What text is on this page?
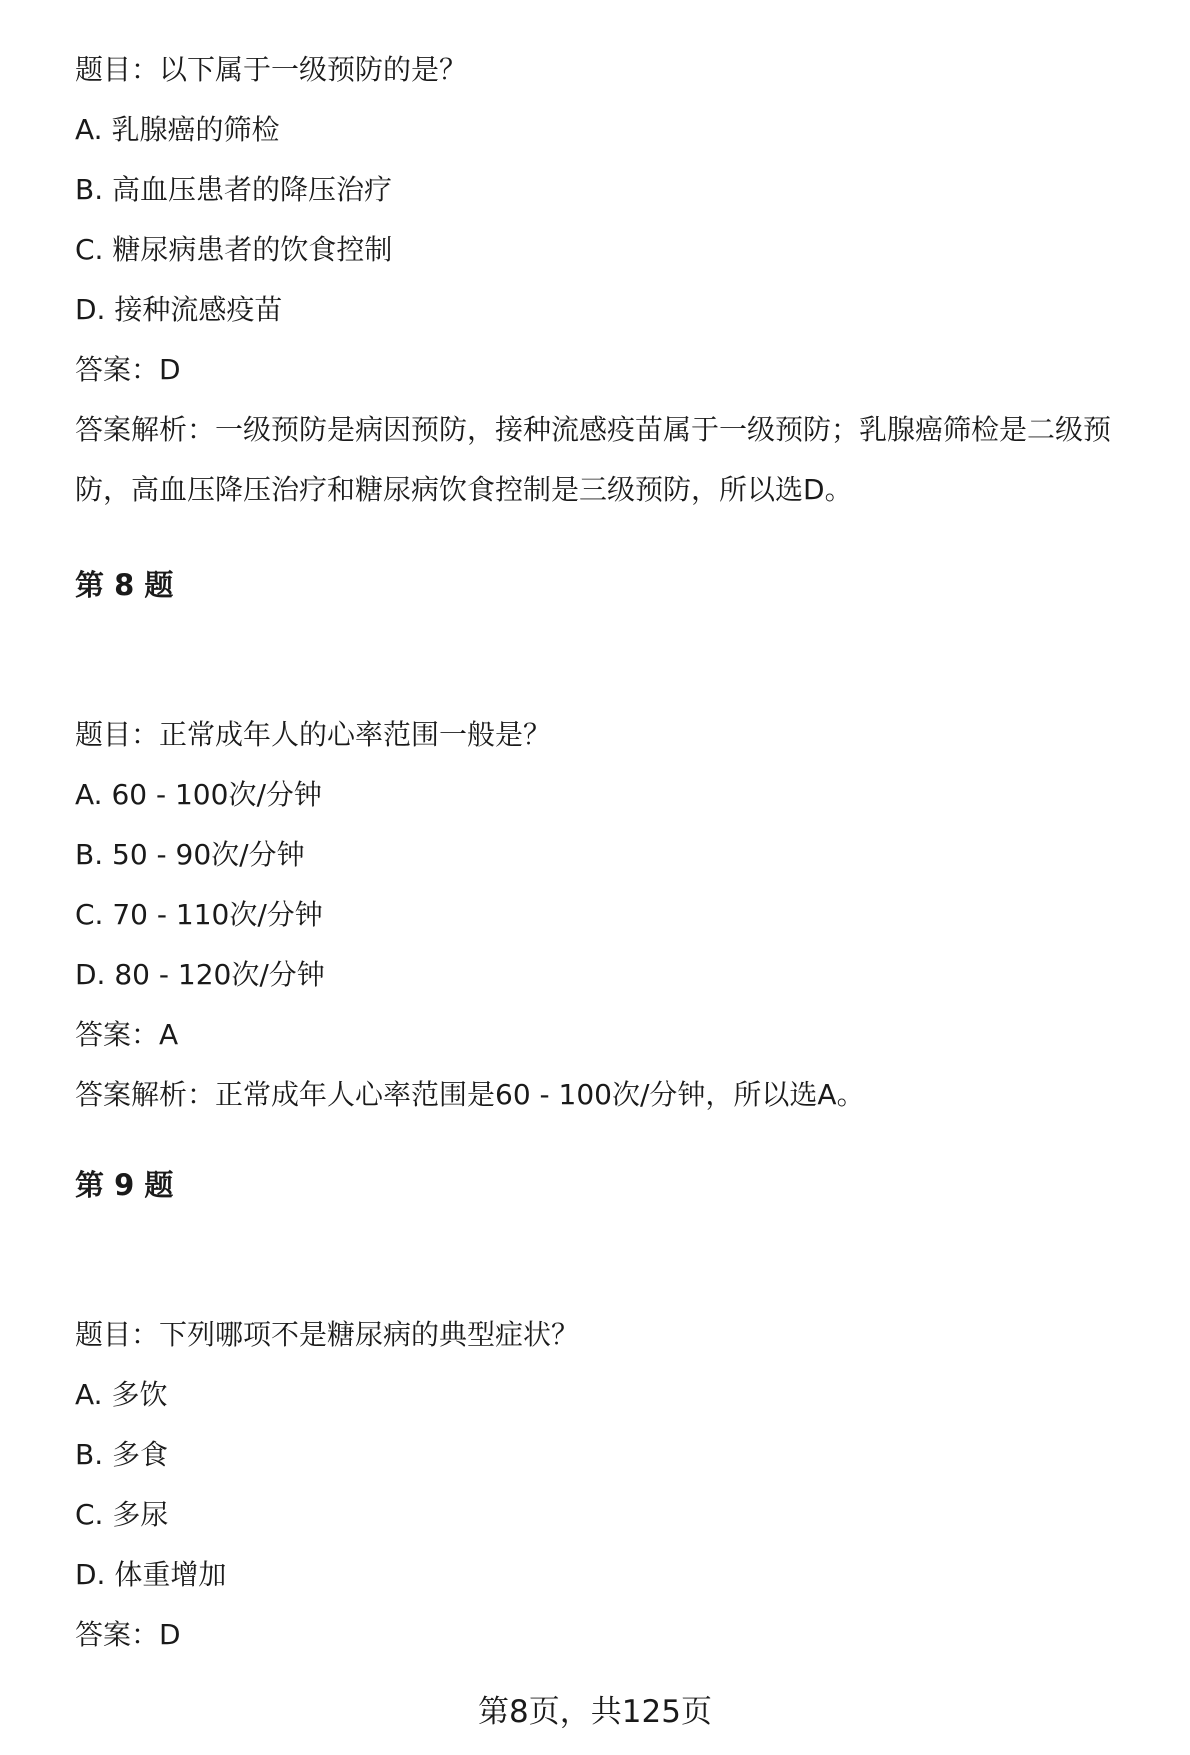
题目：以下属于一级预防的是？
A. 乳腺癌的筛检
B. 高血压患者的降压治疗
C. 糖尿病患者的饮食控制
D. 接种流感疫苗
答案：D
答案解析：一级预防是病因预防，接种流感疫苗属于一级预防；乳腺癌筛检是二级预防，高血压降压治疗和糖尿病饮食控制是三级预防，所以选D。
第 8 题
题目：正常成年人的心率范围一般是？
A. 60 - 100次/分钟
B. 50 - 90次/分钟
C. 70 - 110次/分钟
D. 80 - 120次/分钟
答案：A
答案解析：正常成年人心率范围是60 - 100次/分钟，所以选A。
第 9 题
题目：下列哪项不是糖尿病的典型症状？
A. 多饮
B. 多食
C. 多尿
D. 体重增加
答案：D
第8页，共125页
